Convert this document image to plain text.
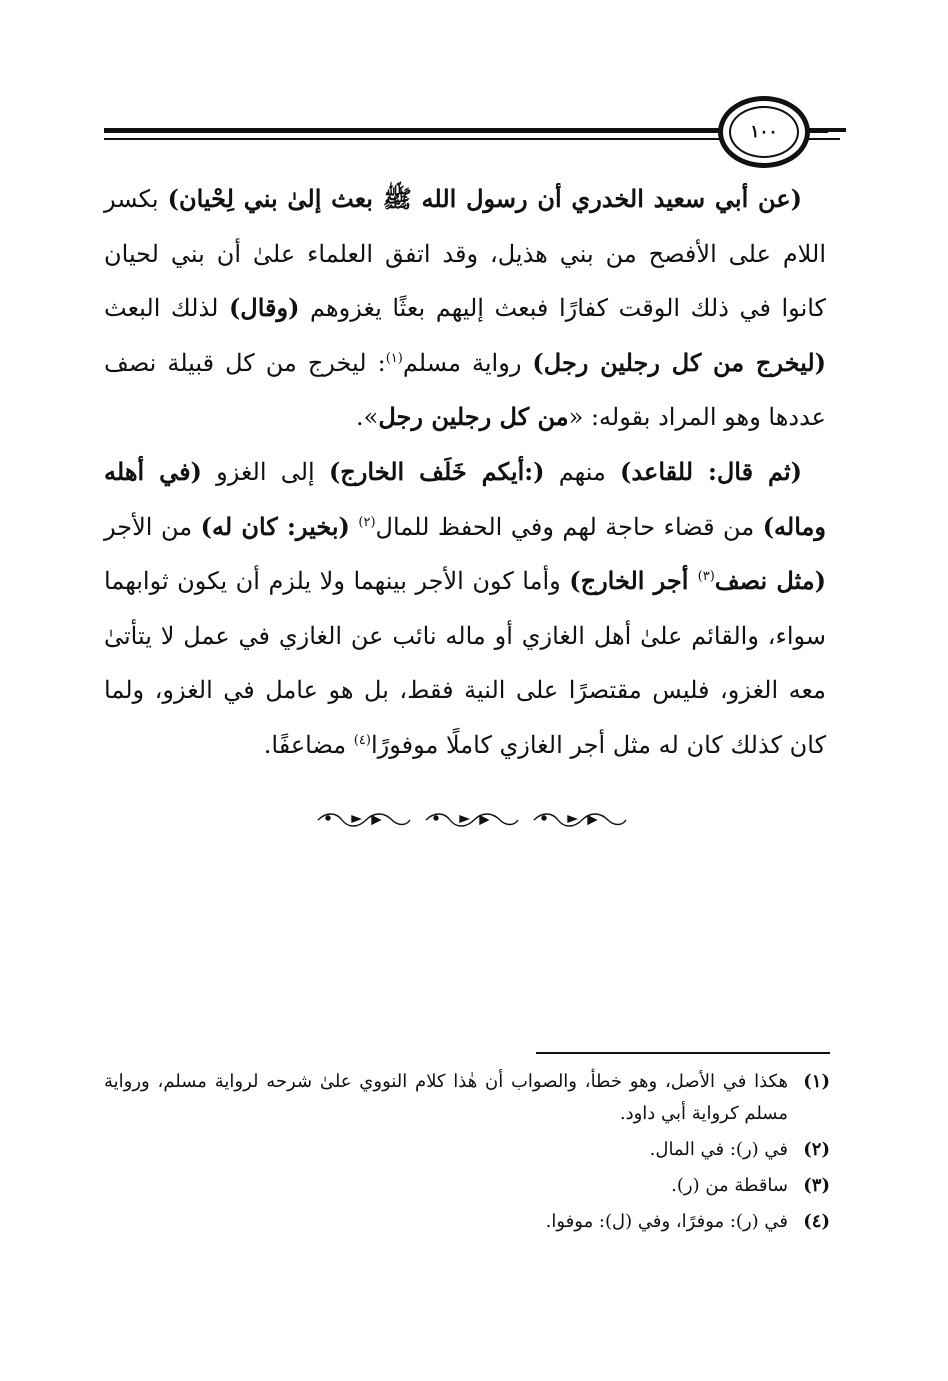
١٠٠

(عن أبي سعيد الخدري أن رسول الله ﷺ بعث إلىٰ بني لِحْيان) بكسر اللام على الأفصح من بني هذيل، وقد اتفق العلماء علىٰ أن بني لحيان كانوا في ذلك الوقت كفارًا فبعث إليهم بعثًا يغزوهم (وقال) لذلك البعث (ليخرج من كل رجلين رجل) رواية مسلم$^{(١)}$: ليخرج من كل قبيلة نصف عددها وهو المراد بقوله: «من كل رجلين رجل».

(ثم قال: للقاعد) منهم (:أيكم خَلَف الخارج) إلى الغزو (في أهله وماله) من قضاء حاجة لهم وفي الحفظ للمال$^{(٢)}$ (بخير: كان له) من الأجر (مثل نصف$^{(٣)}$ أجر الخارج) وأما كون الأجر بينهما ولا يلزم أن يكون ثوابهما سواء، والقائم علىٰ أهل الغازي أو ماله نائب عن الغازي في عمل لا يتأتىٰ معه الغزو، فليس مقتصرًا على النية فقط، بل هو عامل في الغزو، ولما كان كذلك كان له مثل أجر الغازي كاملًا موفورًا$^{(٤)}$ مضاعفًا.

(١)
هكذا في الأصل، وهو خطأ، والصواب أن هٰذا كلام النووي علىٰ شرحه لرواية مسلم، ورواية مسلم كرواية أبي داود.
(٢)
في (ر): في المال.
(٣)
ساقطة من (ر).
(٤)
في (ر): موفرًا، وفي (ل): موفوا.
